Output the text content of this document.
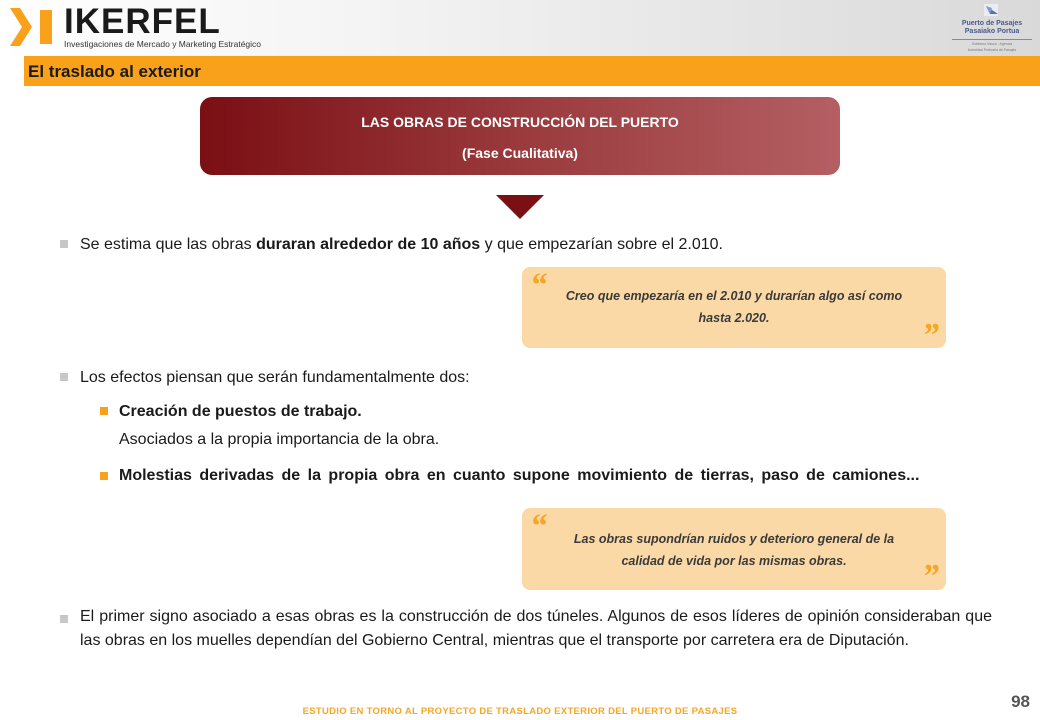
IKERFEL
Investigaciones de Mercado y Marketing Estratégico
Puerto de Pasajes
Pasaiako Portua
Gobierno Vasco · Agencia
Autoridad Portuaria de Pasajes
El traslado al exterior
LAS OBRAS DE CONSTRUCCIÓN DEL PUERTO
(Fase Cualitativa)
Se estima que las obras duraran alrededor de 10 años y que empezarían sobre el 2.010.
“	Creo que empezaría en el 2.010 y durarían algo así como hasta 2.020.	”
Los efectos piensan que serán fundamentalmente dos:
Creación de puestos de trabajo.
Asociados a la propia importancia de la obra.
Molestias derivadas de la propia obra en cuanto supone movimiento de tierras, paso de camiones...
“	Las obras supondrían ruidos y deterioro general de la calidad de vida por las mismas obras.	”
El primer signo asociado a esas obras es la construcción de dos túneles. Algunos de esos líderes de opinión consideraban que las obras en los muelles dependían del Gobierno Central, mientras que el transporte por carretera era de Diputación.
98
ESTUDIO EN TORNO AL PROYECTO DE TRASLADO EXTERIOR DEL PUERTO DE PASAJES
